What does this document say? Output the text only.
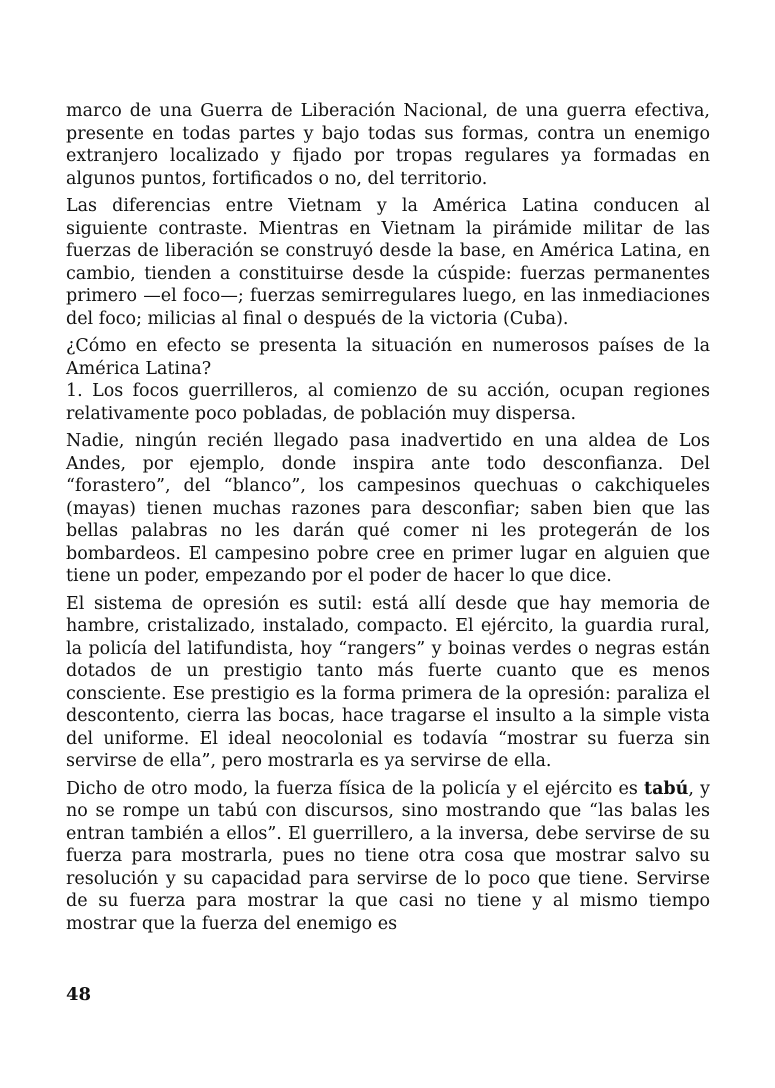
marco de una Guerra de Liberación Nacional, de una guerra efectiva, presente en todas partes y bajo todas sus formas, contra un enemigo extranjero localizado y fijado por tropas regulares ya formadas en algunos puntos, fortificados o no, del territorio.

Las diferencias entre Vietnam y la América Latina conducen al siguiente contraste. Mientras en Vietnam la pirámide militar de las fuerzas de liberación se construyó desde la base, en América Latina, en cambio, tienden a constituirse desde la cúspide: fuerzas permanentes primero —el foco—; fuerzas semirregulares luego, en las inmediaciones del foco; milicias al final o después de la victoria (Cuba).

¿Cómo en efecto se presenta la situación en numerosos países de la América Latina?

1. Los focos guerrilleros, al comienzo de su acción, ocupan regiones relativamente poco pobladas, de población muy dispersa.

Nadie, ningún recién llegado pasa inadvertido en una aldea de Los Andes, por ejemplo, donde inspira ante todo desconfianza. Del “forastero”, del “blanco”, los campesinos quechuas o cakchiqueles (mayas) tienen muchas razones para desconfiar; saben bien que las bellas palabras no les darán qué comer ni les protegerán de los bombardeos. El campesino pobre cree en primer lugar en alguien que tiene un poder, empezando por el poder de hacer lo que dice.

El sistema de opresión es sutil: está allí desde que hay memoria de hambre, cristalizado, instalado, compacto. El ejército, la guardia rural, la policía del latifundista, hoy “rangers” y boinas verdes o negras están dotados de un prestigio tanto más fuerte cuanto que es menos consciente. Ese prestigio es la forma primera de la opresión: paraliza el descontento, cierra las bocas, hace tragarse el insulto a la simple vista del uniforme. El ideal neocolonial es todavía “mostrar su fuerza sin servirse de ella”, pero mostrarla es ya servirse de ella.

Dicho de otro modo, la fuerza física de la policía y el ejército es tabú, y no se rompe un tabú con discursos, sino mostrando que “las balas les entran también a ellos”. El guerrillero, a la inversa, debe servirse de su fuerza para mostrarla, pues no tiene otra cosa que mostrar salvo su resolución y su capacidad para servirse de lo poco que tiene. Servirse de su fuerza para mostrar la que casi no tiene y al mismo tiempo mostrar que la fuerza del enemigo es

48
